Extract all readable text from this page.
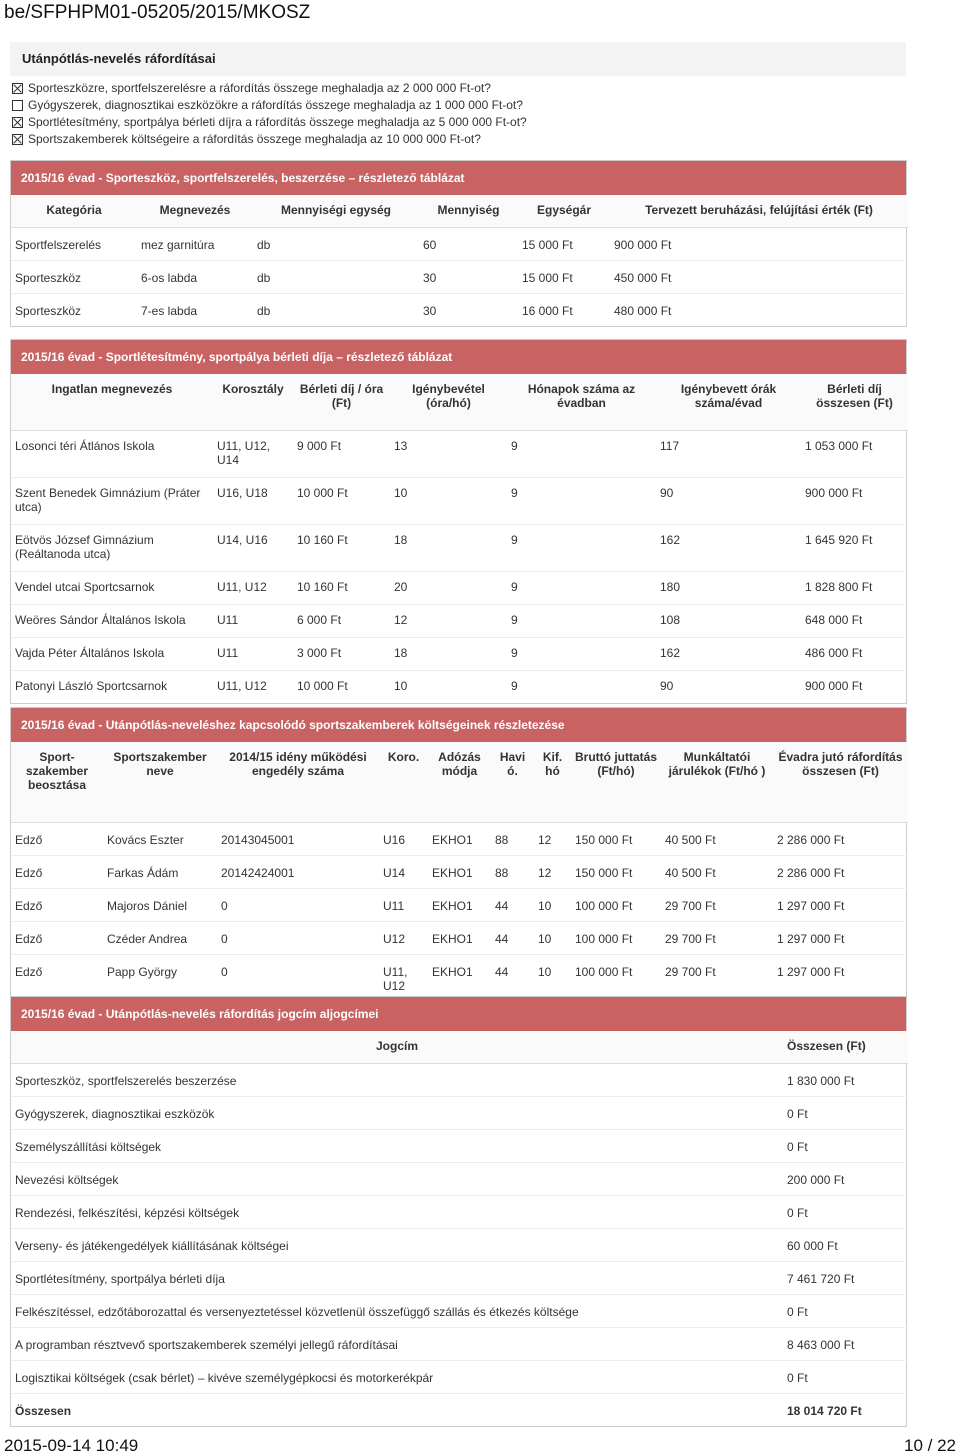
be/SFPHPM01-05205/2015/MKOSZ
Utánpótlás-nevelés ráfordításai
Sporteszközre, sportfelszerelésre a ráfordítás összege meghaladja az 2 000 000 Ft-ot?
Gyógyszerek, diagnosztikai eszközökre a ráfordítás összege meghaladja az 1 000 000 Ft-ot?
Sportlétesítmény, sportpálya bérleti díjra a ráfordítás összege meghaladja az 5 000 000 Ft-ot?
Sportszakemberek költségeire a ráfordítás összege meghaladja az 10 000 000 Ft-ot?
2015/16 évad - Sporteszköz, sportfelszerelés, beszerzése – részletező táblázat
Kategória	Megnevezés	Mennyiségi egység	Mennyiség	Egységár	Tervezett beruházási, felújítási érték (Ft)
Sportfelszerelés	mez garnitúra	db	60	15 000 Ft	900 000 Ft
Sporteszköz	6-os labda	db	30	15 000 Ft	450 000 Ft
Sporteszköz	7-es labda	db	30	16 000 Ft	480 000 Ft
2015/16 évad - Sportlétesítmény, sportpálya bérleti díja – részletező táblázat
Ingatlan megnevezés	Korosztály	Bérleti díj / óra (Ft)	Igénybevétel (óra/hó)	Hónapok száma az évadban	Igénybevett órák száma/évad	Bérleti díj összesen (Ft)
Losonci téri Átlános Iskola	U11, U12, U14	9 000 Ft	13	9	117	1 053 000 Ft
Szent Benedek Gimnázium (Práter utca)	U16, U18	10 000 Ft	10	9	90	900 000 Ft
Eötvös József Gimnázium (Reáltanoda utca)	U14, U16	10 160 Ft	18	9	162	1 645 920 Ft
Vendel utcai Sportcsarnok	U11, U12	10 160 Ft	20	9	180	1 828 800 Ft
Weöres Sándor Általános Iskola	U11	6 000 Ft	12	9	108	648 000 Ft
Vajda Péter Általános Iskola	U11	3 000 Ft	18	9	162	486 000 Ft
Patonyi László Sportcsarnok	U11, U12	10 000 Ft	10	9	90	900 000 Ft
2015/16 évad - Utánpótlás-neveléshez kapcsolódó sportszakemberek költségeinek részletezése
Sport-szakember beosztása	Sportszakember neve	2014/15 idény működési engedély száma	Koro.	Adózás módja	Havi ó.	Kif. hó	Bruttó juttatás (Ft/hó)	Munkáltatói járulékok (Ft/hó )	Évadra jutó ráfordítás összesen (Ft)
Edző	Kovács Eszter	20143045001	U16	EKHO1	88	12	150 000 Ft	40 500 Ft	2 286 000 Ft
Edző	Farkas Ádám	20142424001	U14	EKHO1	88	12	150 000 Ft	40 500 Ft	2 286 000 Ft
Edző	Majoros Dániel	0	U11	EKHO1	44	10	100 000 Ft	29 700 Ft	1 297 000 Ft
Edző	Czéder Andrea	0	U12	EKHO1	44	10	100 000 Ft	29 700 Ft	1 297 000 Ft
Edző	Papp György	0	U11, U12	EKHO1	44	10	100 000 Ft	29 700 Ft	1 297 000 Ft
2015/16 évad - Utánpótlás-nevelés ráfordítás jogcím aljogcímei
Jogcím	Összesen (Ft)
Sporteszköz, sportfelszerelés beszerzése	1 830 000 Ft
Gyógyszerek, diagnosztikai eszközök	0 Ft
Személyszállítási költségek	0 Ft
Nevezési költségek	200 000 Ft
Rendezési, felkészítési, képzési költségek	0 Ft
Verseny- és játékengedélyek kiállításának költségei	60 000 Ft
Sportlétesítmény, sportpálya bérleti díja	7 461 720 Ft
Felkészítéssel, edzőtáborozattal és versenyeztetéssel közvetlenül összefüggő szállás és étkezés költsége	0 Ft
A programban résztvevő sportszakemberek személyi jellegű ráfordításai	8 463 000 Ft
Logisztikai költségek (csak bérlet) – kivéve személygépkocsi és motorkerékpár	0 Ft
Összesen	18 014 720 Ft
2015-09-14 10:49	10 / 22
